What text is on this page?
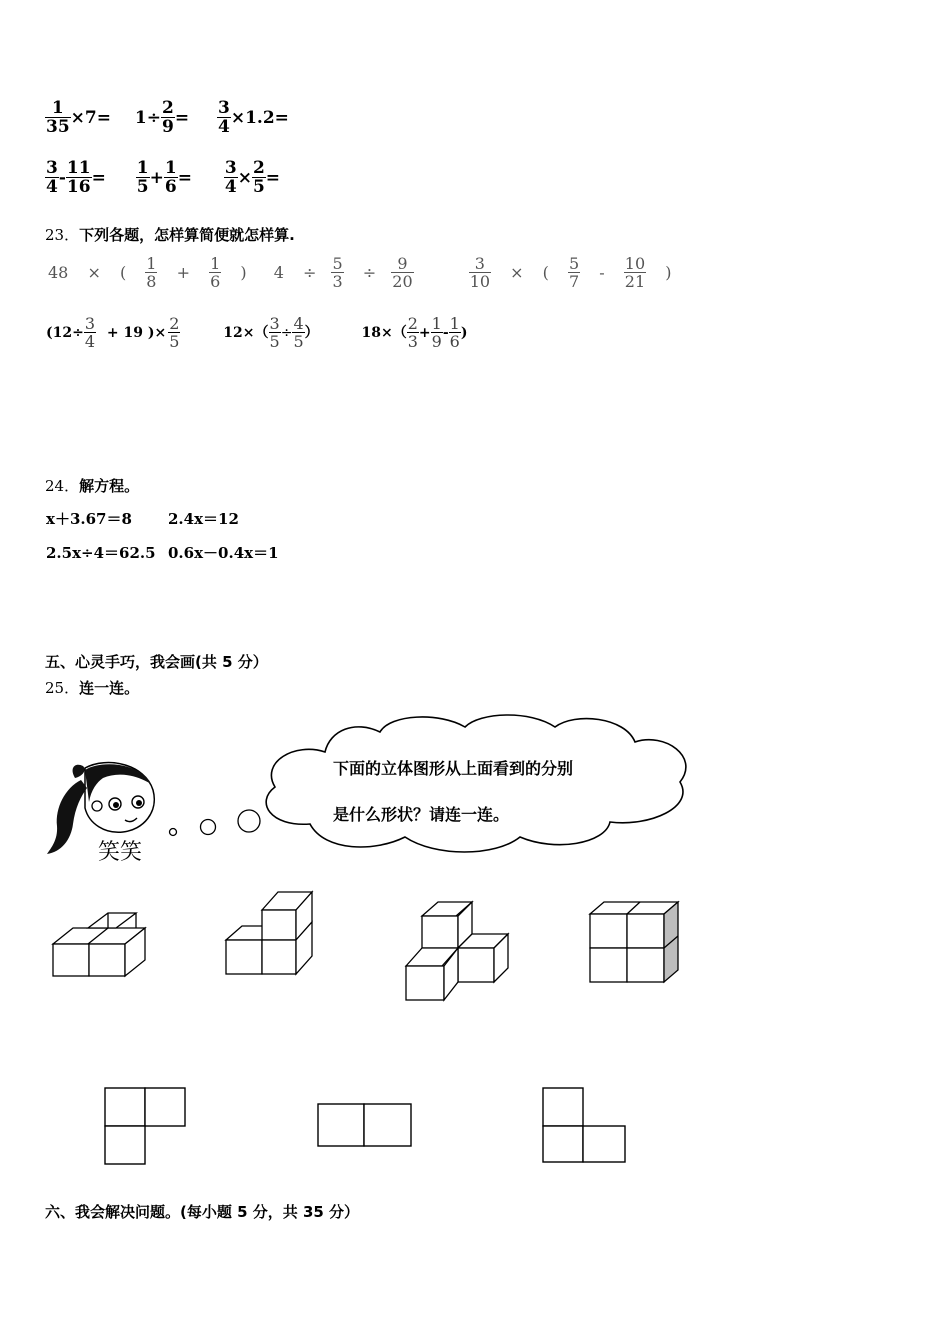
$\frac{1}{35} \times 7= 1\div \frac{2}{9} = \frac{3}{4} \times 1.2=$
$\frac{3}{4} - \frac{11}{16} = \frac{1}{5} + \frac{1}{6} = \frac{3}{4} \times \frac{2}{5}$ =
23．下列各题，怎样算简便就怎样算.
48 × ( $\frac{1}{8} + \frac{1}{6}$ ) $4 \div \frac{5}{3} \div \frac{9}{20}$
	$\frac{3}{10}$ × ( $\frac{5}{7} - \frac{10}{21}$ )
($12\div \frac{3}{4} + 19$ )× $\frac{2}{5}$	$12\times( \frac{3}{5} \div \frac{4}{5}$ ）	$18\times( \frac{2}{3} + \frac{1}{9} - \frac{1}{6}$ )
24．解方程。
x＋3.67＝8 2.4x＝12
2.5x÷4＝62.5 0.6x－0.4x＝1
五、心灵手巧，我会画(共 5 分）
25．连一连。
下面的立体图形从上面看到的分别
是什么形状？请连一连。
笑笑
六、我会解决问题。(每小题 5 分，共 35 分）
